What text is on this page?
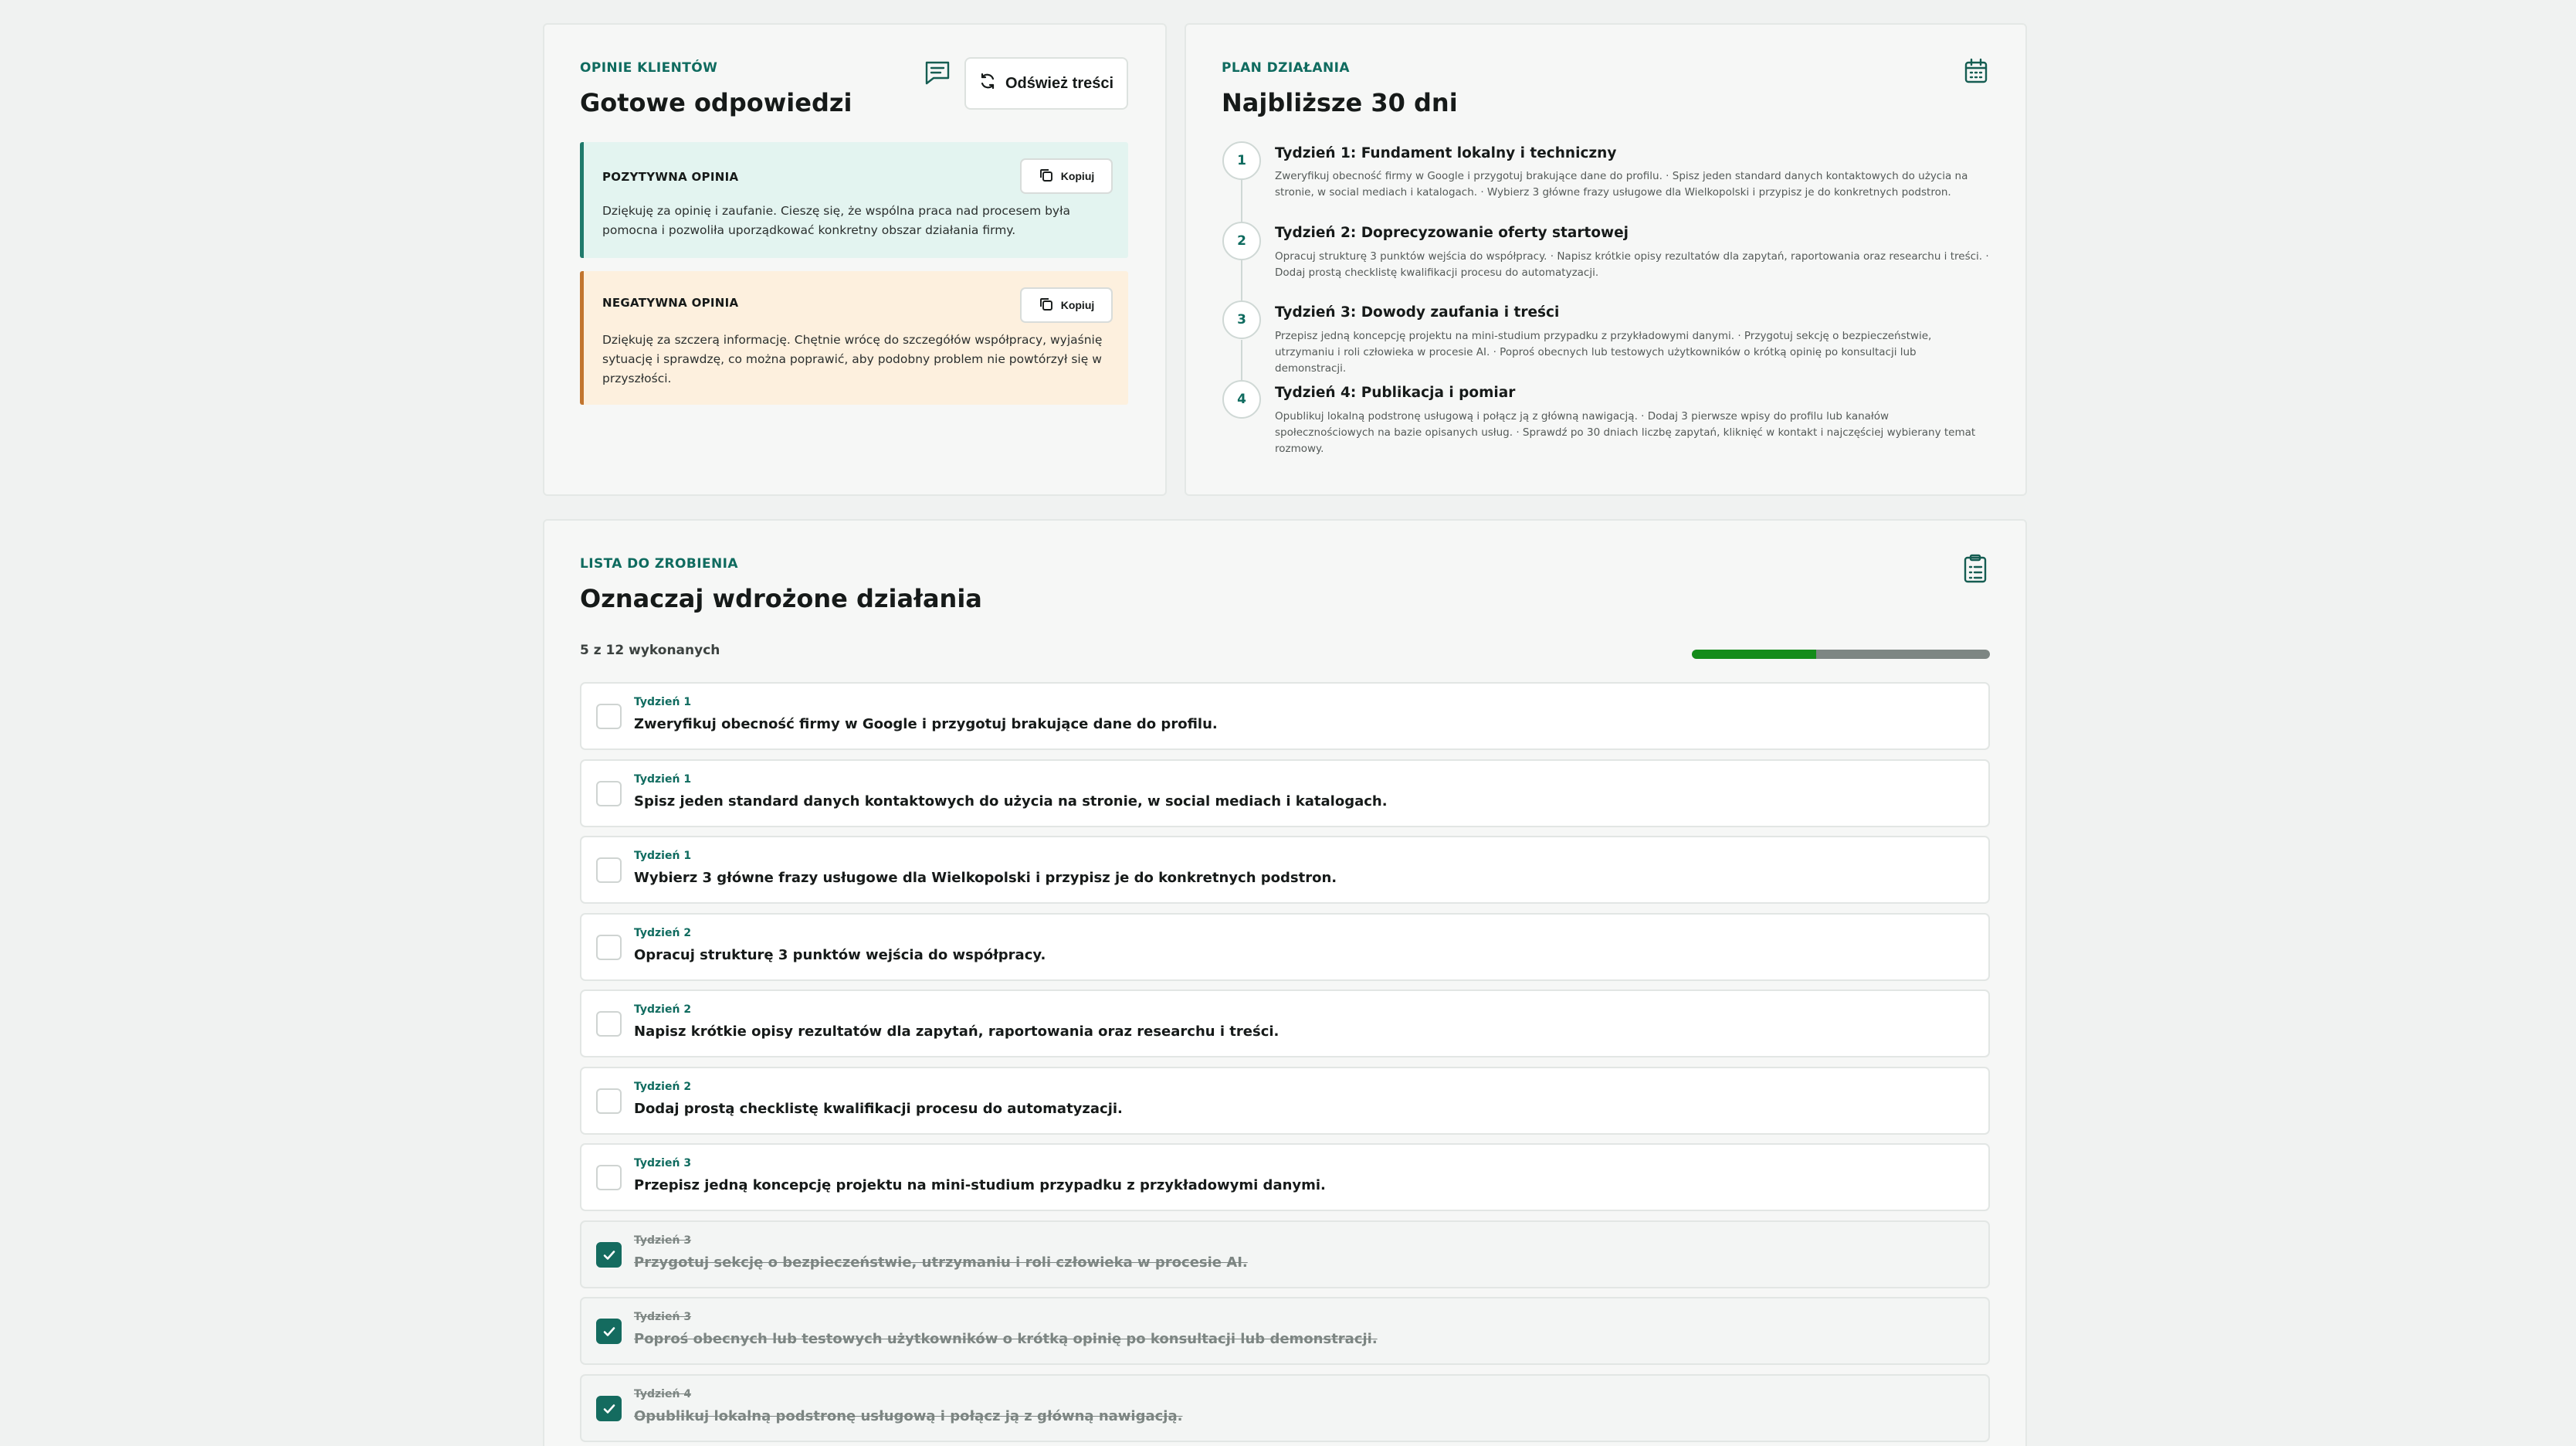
OPINIE KLIENTÓW
Gotowe odpowiedzi
Odśwież treści
POZYTYWNA OPINIA	Kopiuj

Dziękuję za opinię i zaufanie. Cieszę się, że wspólna praca nad procesem była pomocna i pozwoliła uporządkować konkretny obszar działania firmy.

NEGATYWNA OPINIA	Kopiuj

Dziękuję za szczerą informację. Chętnie wrócę do szczegółów współpracy, wyjaśnię sytuację i sprawdzę, co można poprawić, aby podobny problem nie powtórzył się w przyszłości.

PLAN DZIAŁANIA
Najbliższe 30 dni
1	Tydzień 1: Fundament lokalny i techniczny

Zweryfikuj obecność firmy w Google i przygotuj brakujące dane do profilu. · Spisz jeden standard danych kontaktowych do użycia na stronie, w social mediach i katalogach. · Wybierz 3 główne frazy usługowe dla Wielkopolski i przypisz je do konkretnych podstron.

2	Tydzień 2: Doprecyzowanie oferty startowej

Opracuj strukturę 3 punktów wejścia do współpracy. · Napisz krótkie opisy rezultatów dla zapytań, raportowania oraz researchu i treści. · Dodaj prostą checklistę kwalifikacji procesu do automatyzacji.

3	Tydzień 3: Dowody zaufania i treści

Przepisz jedną koncepcję projektu na mini-studium przypadku z przykładowymi danymi. · Przygotuj sekcję o bezpieczeństwie, utrzymaniu i roli człowieka w procesie AI. · Poproś obecnych lub testowych użytkowników o krótką opinię po konsultacji lub demonstracji.

4	Tydzień 4: Publikacja i pomiar

Opublikuj lokalną podstronę usługową i połącz ją z główną nawigacją. · Dodaj 3 pierwsze wpisy do profilu lub kanałów społecznościowych na bazie opisanych usług. · Sprawdź po 30 dniach liczbę zapytań, kliknięć w kontakt i najczęściej wybierany temat rozmowy.

LISTA DO ZROBIENIA
Oznaczaj wdrożone działania
5 z 12 wykonanych
Tydzień 1
Zweryfikuj obecność firmy w Google i przygotuj brakujące dane do profilu.
Tydzień 1
Spisz jeden standard danych kontaktowych do użycia na stronie, w social mediach i katalogach.
Tydzień 1
Wybierz 3 główne frazy usługowe dla Wielkopolski i przypisz je do konkretnych podstron.
Tydzień 2
Opracuj strukturę 3 punktów wejścia do współpracy.
Tydzień 2
Napisz krótkie opisy rezultatów dla zapytań, raportowania oraz researchu i treści.
Tydzień 2
Dodaj prostą checklistę kwalifikacji procesu do automatyzacji.
Tydzień 3
Przepisz jedną koncepcję projektu na mini-studium przypadku z przykładowymi danymi.
Tydzień 3
Przygotuj sekcję o bezpieczeństwie, utrzymaniu i roli człowieka w procesie AI.
Tydzień 3
Poproś obecnych lub testowych użytkowników o krótką opinię po konsultacji lub demonstracji.
Tydzień 4
Opublikuj lokalną podstronę usługową i połącz ją z główną nawigacją.
